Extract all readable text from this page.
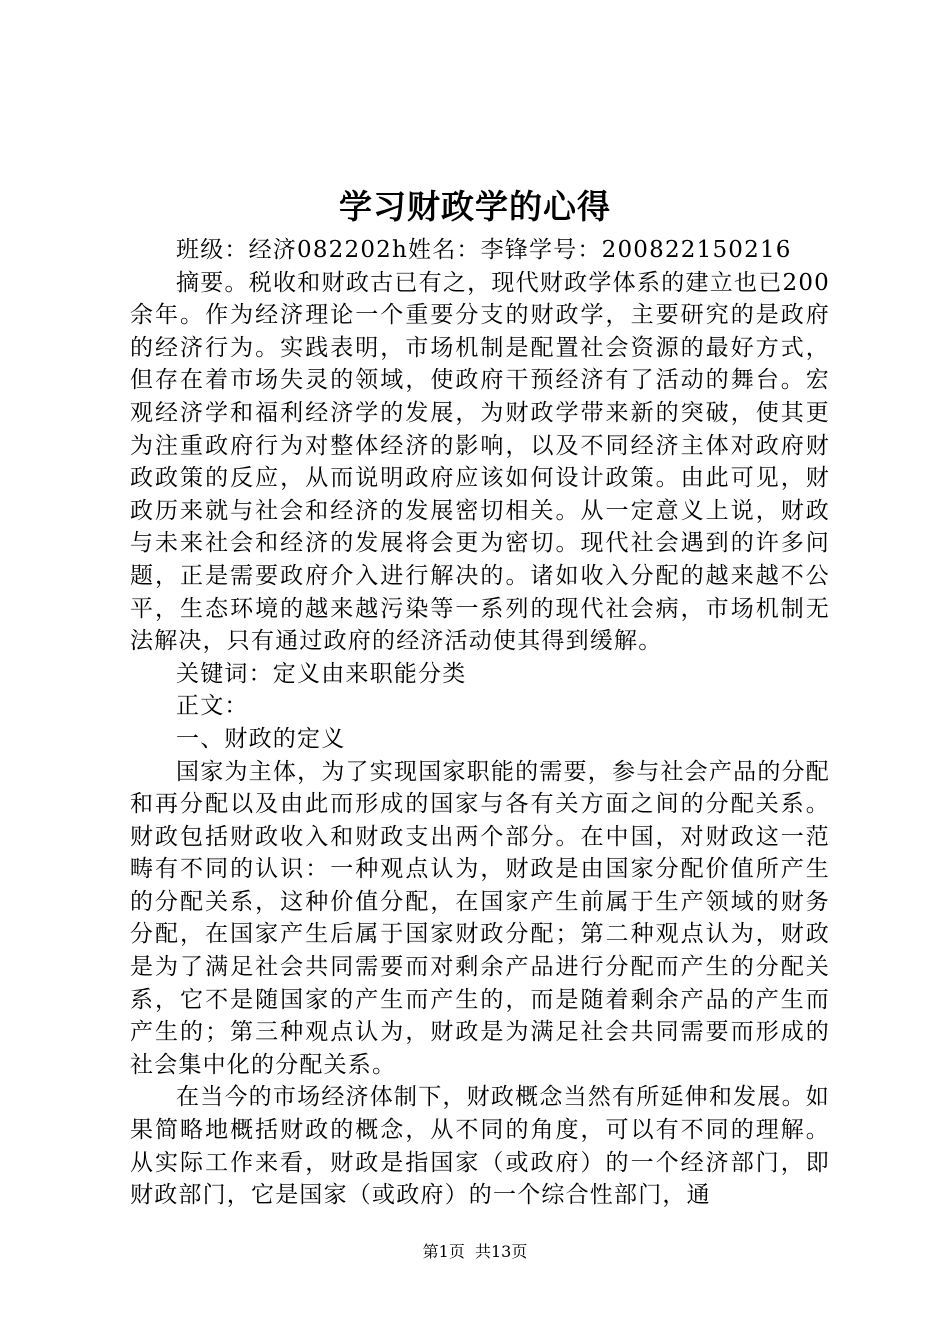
学习财政学的心得

班级：经济082202h姓名：李锋学号：200822150216

摘要。税收和财政古已有之，现代财政学体系的建立也已200余年。作为经济理论一个重要分支的财政学，主要研究的是政府的经济行为。实践表明，市场机制是配置社会资源的最好方式，但存在着市场失灵的领域，使政府干预经济有了活动的舞台。宏观经济学和福利经济学的发展，为财政学带来新的突破，使其更为注重政府行为对整体经济的影响，以及不同经济主体对政府财政政策的反应，从而说明政府应该如何设计政策。由此可见，财政历来就与社会和经济的发展密切相关。从一定意义上说，财政与未来社会和经济的发展将会更为密切。现代社会遇到的许多问题，正是需要政府介入进行解决的。诸如收入分配的越来越不公平，生态环境的越来越污染等一系列的现代社会病，市场机制无法解决，只有通过政府的经济活动使其得到缓解。

关键词：定义由来职能分类

正文：

一、财政的定义

国家为主体，为了实现国家职能的需要，参与社会产品的分配和再分配以及由此而形成的国家与各有关方面之间的分配关系。财政包括财政收入和财政支出两个部分。在中国，对财政这一范畴有不同的认识：一种观点认为，财政是由国家分配价值所产生的分配关系，这种价值分配，在国家产生前属于生产领域的财务分配，在国家产生后属于国家财政分配；第二种观点认为，财政是为了满足社会共同需要而对剩余产品进行分配而产生的分配关系，它不是随国家的产生而产生的，而是随着剩余产品的产生而产生的；第三种观点认为，财政是为满足社会共同需要而形成的社会集中化的分配关系。

在当今的市场经济体制下，财政概念当然有所延伸和发展。如果简略地概括财政的概念，从不同的角度，可以有不同的理解。从实际工作来看，财政是指国家（或政府）的一个经济部门，即财政部门，它是国家（或政府）的一个综合性部门，通

第1页  共13页
